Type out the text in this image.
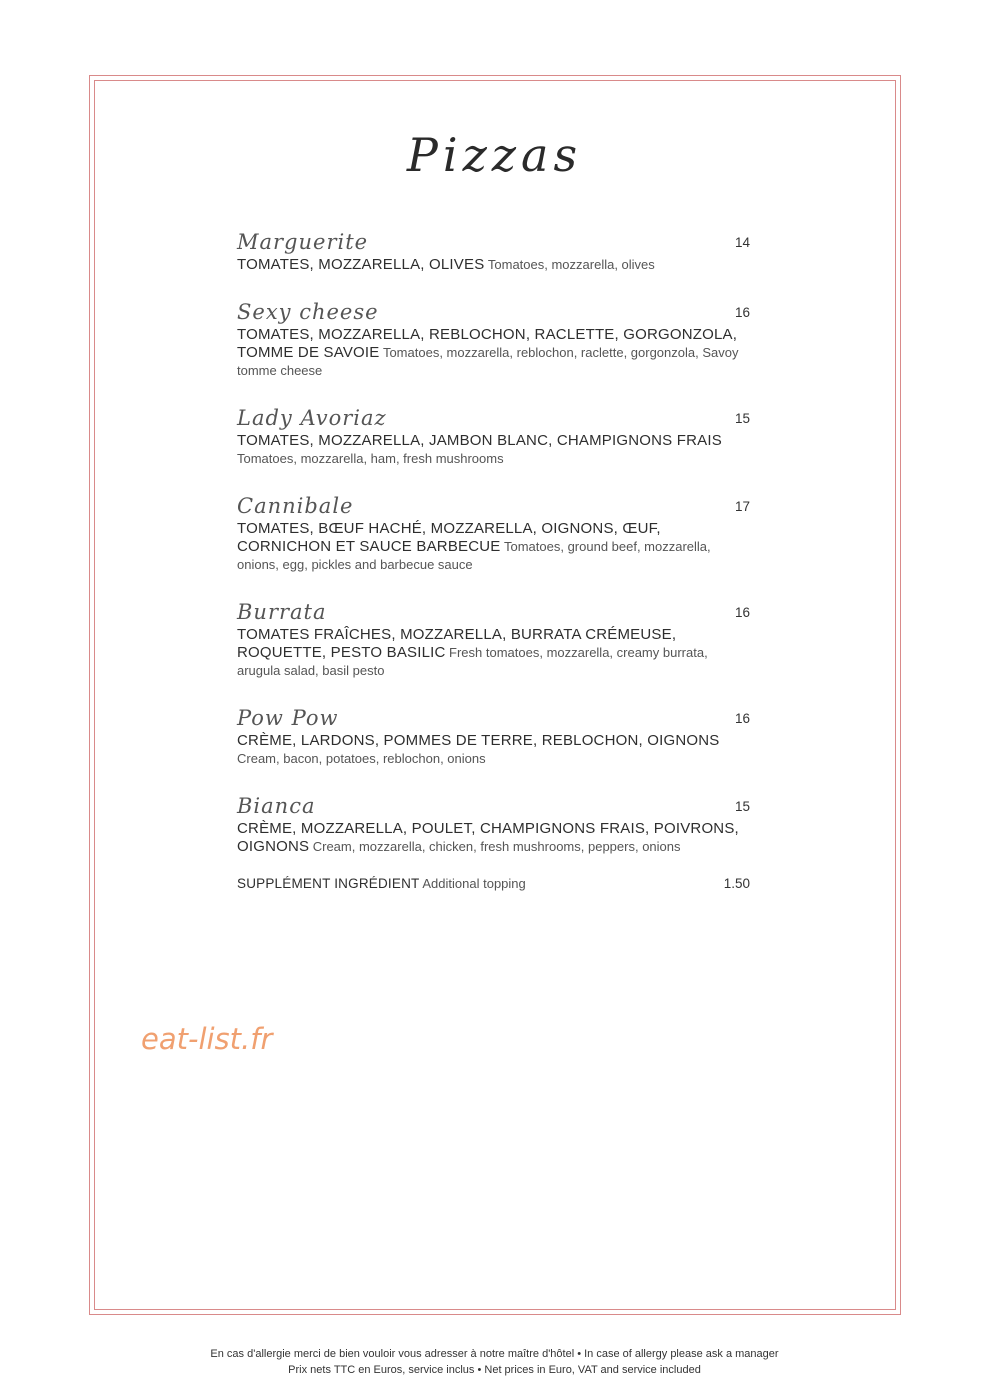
Pizzas
Marguerite	14
TOMATES, MOZZARELLA, OLIVES Tomatoes, mozzarella, olives
Sexy cheese	16
TOMATES, MOZZARELLA, REBLOCHON, RACLETTE, GORGONZOLA, TOMME DE SAVOIE Tomatoes, mozzarella, reblochon, raclette, gorgonzola, Savoy tomme cheese
Lady Avoriaz	15
TOMATES, MOZZARELLA, JAMBON BLANC, CHAMPIGNONS FRAIS Tomatoes, mozzarella, ham, fresh mushrooms
Cannibale	17
TOMATES, BŒUF HACHÉ, MOZZARELLA, OIGNONS, ŒUF, CORNICHON ET SAUCE BARBECUE Tomatoes, ground beef, mozzarella, onions, egg, pickles and barbecue sauce
Burrata	16
TOMATES FRAÎCHES, MOZZARELLA, BURRATA CRÉMEUSE, ROQUETTE, PESTO BASILIC Fresh tomatoes, mozzarella, creamy burrata, arugula salad, basil pesto
Pow Pow	16
CRÈME, LARDONS, POMMES DE TERRE, REBLOCHON, OIGNONS Cream, bacon, potatoes, reblochon, onions
Bianca	15
CRÈME, MOZZARELLA, POULET, CHAMPIGNONS FRAIS, POIVRONS, OIGNONS Cream, mozzarella, chicken, fresh mushrooms, peppers, onions
SUPPLÉMENT INGRÉDIENT Additional topping	1.50
eat-list.fr
En cas d'allergie merci de bien vouloir vous adresser à notre maître d'hôtel • In case of allergy please ask a manager
Prix nets TTC en Euros, service inclus • Net prices in Euro, VAT and service included
